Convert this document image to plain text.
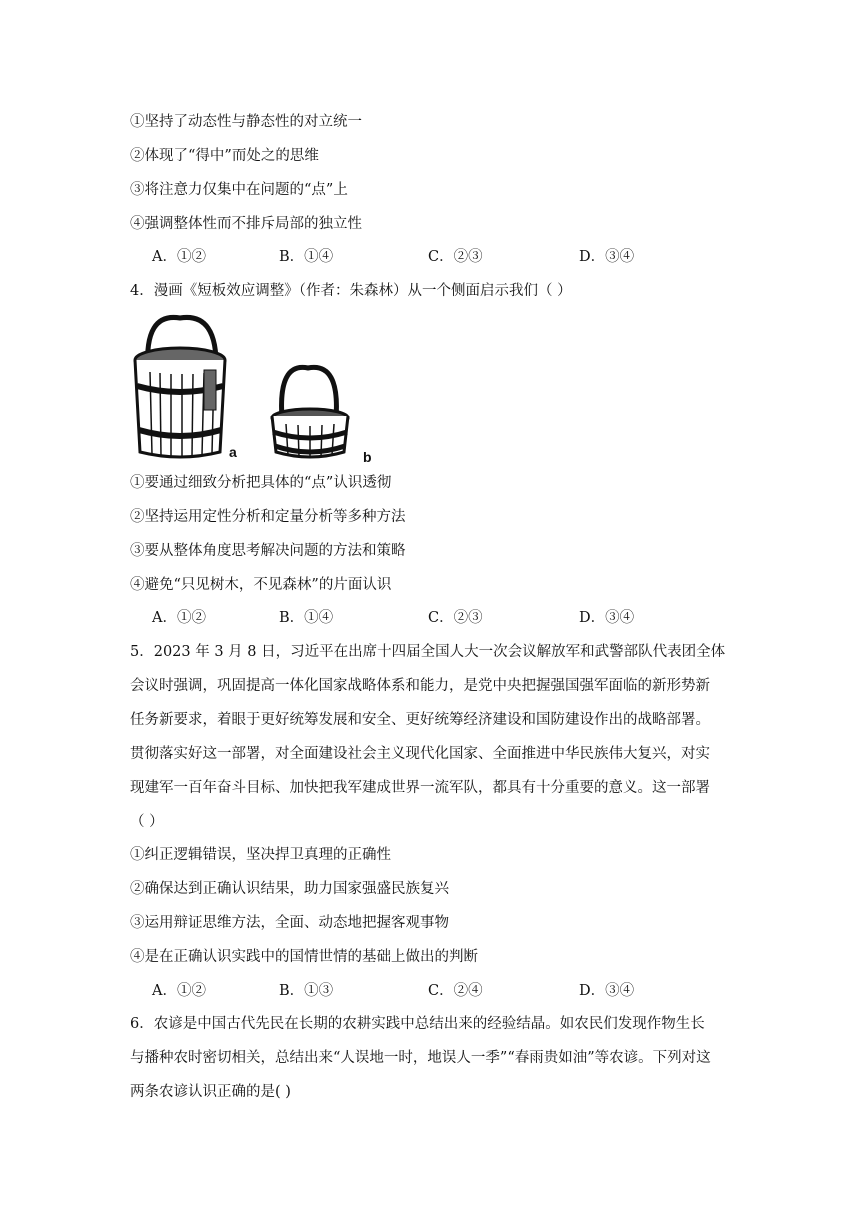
①坚持了动态性与静态性的对立统一
②体现了“得中”而处之的思维
③将注意力仅集中在问题的“点”上
④强调整体性而不排斥局部的独立性
A．①②	B．①④	C．②③	D．③④
4．漫画《短板效应调整》（作者：朱森林）从一个侧面启示我们（ ）
a	b
①要通过细致分析把具体的“点”认识透彻
②坚持运用定性分析和定量分析等多种方法
③要从整体角度思考解决问题的方法和策略
④避免“只见树木，不见森林”的片面认识
A．①②	B．①④	C．②③	D．③④
5．2023 年 3 月 8 日，习近平在出席十四届全国人大一次会议解放军和武警部队代表团全体
会议时强调，巩固提高一体化国家战略体系和能力，是党中央把握强国强军面临的新形势新
任务新要求，着眼于更好统筹发展和安全、更好统筹经济建设和国防建设作出的战略部署。
贯彻落实好这一部署，对全面建设社会主义现代化国家、全面推进中华民族伟大复兴，对实
现建军一百年奋斗目标、加快把我军建成世界一流军队，都具有十分重要的意义。这一部署
（ ）
①纠正逻辑错误，坚决捍卫真理的正确性
②确保达到正确认识结果，助力国家强盛民族复兴
③运用辩证思维方法，全面、动态地把握客观事物
④是在正确认识实践中的国情世情的基础上做出的判断
A．①②	B．①③	C．②④	D．③④
6．农谚是中国古代先民在长期的农耕实践中总结出来的经验结晶。如农民们发现作物生长
与播种农时密切相关，总结出来“人误地一时，地误人一季”“春雨贵如油”等农谚。下列对这
两条农谚认识正确的是( )
